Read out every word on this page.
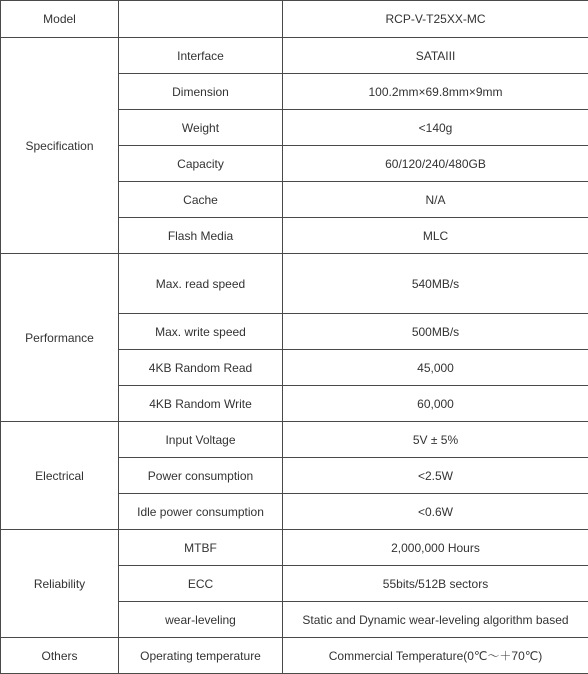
Model		RCP-V-T25XX-MC
Specification	Interface	SATAIII
	Dimension	100.2mm×69.8mm×9mm
	Weight	<140g
	Capacity	60/120/240/480GB
	Cache	N/A
	Flash Media	MLC
Performance	Max. read speed	540MB/s
	Max. write speed	500MB/s
	4KB Random Read	45,000
	4KB Random Write	60,000
Electrical	Input Voltage	5V ± 5%
	Power consumption	<2.5W
	Idle power consumption	<0.6W
Reliability	MTBF	2,000,000 Hours
	ECC	55bits/512B sectors
	wear-leveling	Static and Dynamic wear-leveling algorithm based
Others	Operating temperature	Commercial Temperature(0℃～＋70℃)
